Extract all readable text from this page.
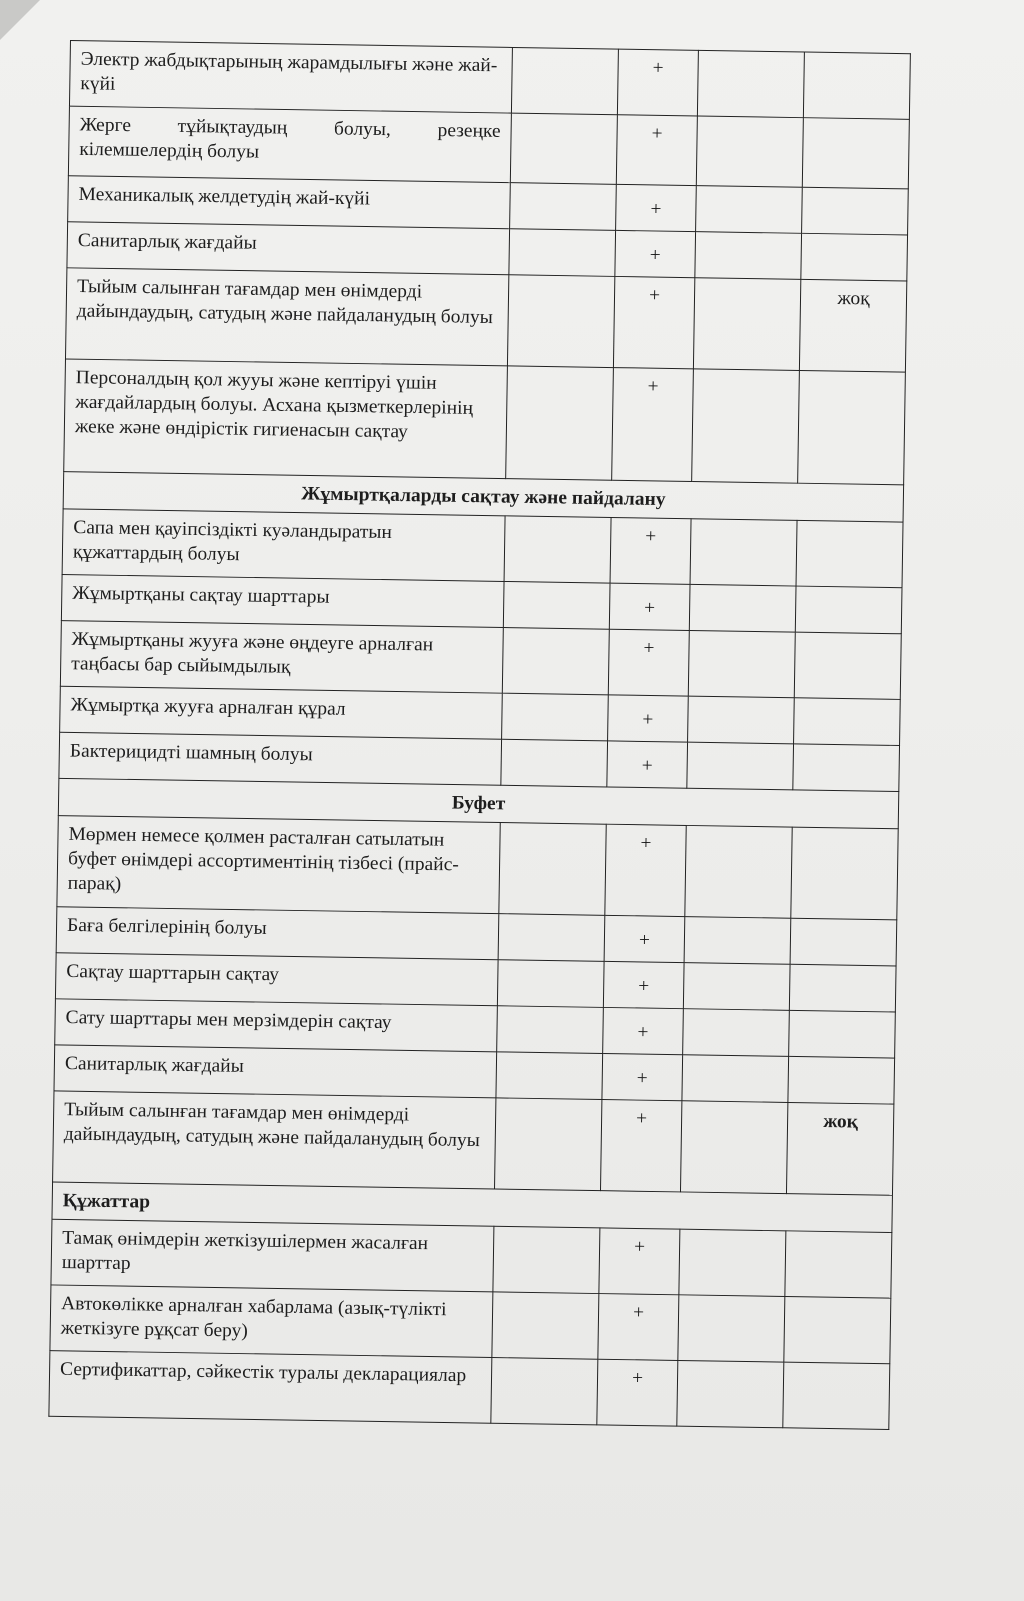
Электр жабдықтарының жарамдылығы және жай-күйі		+		
Жерге тұйықтаудың болуы, резеңке кілемшелердің болуы		+		
Механикалық желдетудің жай-күйі		+		
Санитарлық жағдайы		+		
Тыйым салынған тағамдар мен өнімдерді дайындаудың, сатудың және пайдаланудың болуы		+		жоқ
Персоналдың қол жууы және кептіруі үшін жағдайлардың болуы. Асхана қызметкерлерінің жеке және өндірістік гигиенасын сақтау		+		
Жұмыртқаларды сақтау және пайдалану				
Сапа мен қауіпсіздікті куәландыратын құжаттардың болуы		+		
Жұмыртқаны сақтау шарттары		+		
Жұмыртқаны жууға және өңдеуге арналған таңбасы бар сыйымдылық		+		
Жұмыртқа жууға арналған құрал		+		
Бактерицидті шамның болуы		+		
Буфет				
Мөрмен немесе қолмен расталған сатылатын буфет өнімдері ассортиментінің тізбесі (прайс-парақ)		+		
Баға белгілерінің болуы		+		
Сақтау шарттарын сақтау		+		
Сату шарттары мен мерзімдерін сақтау		+		
Санитарлық жағдайы		+		
Тыйым салынған тағамдар мен өнімдерді дайындаудың, сатудың және пайдаланудың болуы		+		жоқ
Құжаттар				
Тамақ өнімдерін жеткізушілермен жасалған шарттар		+		
Автокөлікке арналған хабарлама (азық-түлікті жеткізуге рұқсат беру)		+		
Сертификаттар, сәйкестік туралы декларациялар		+		
